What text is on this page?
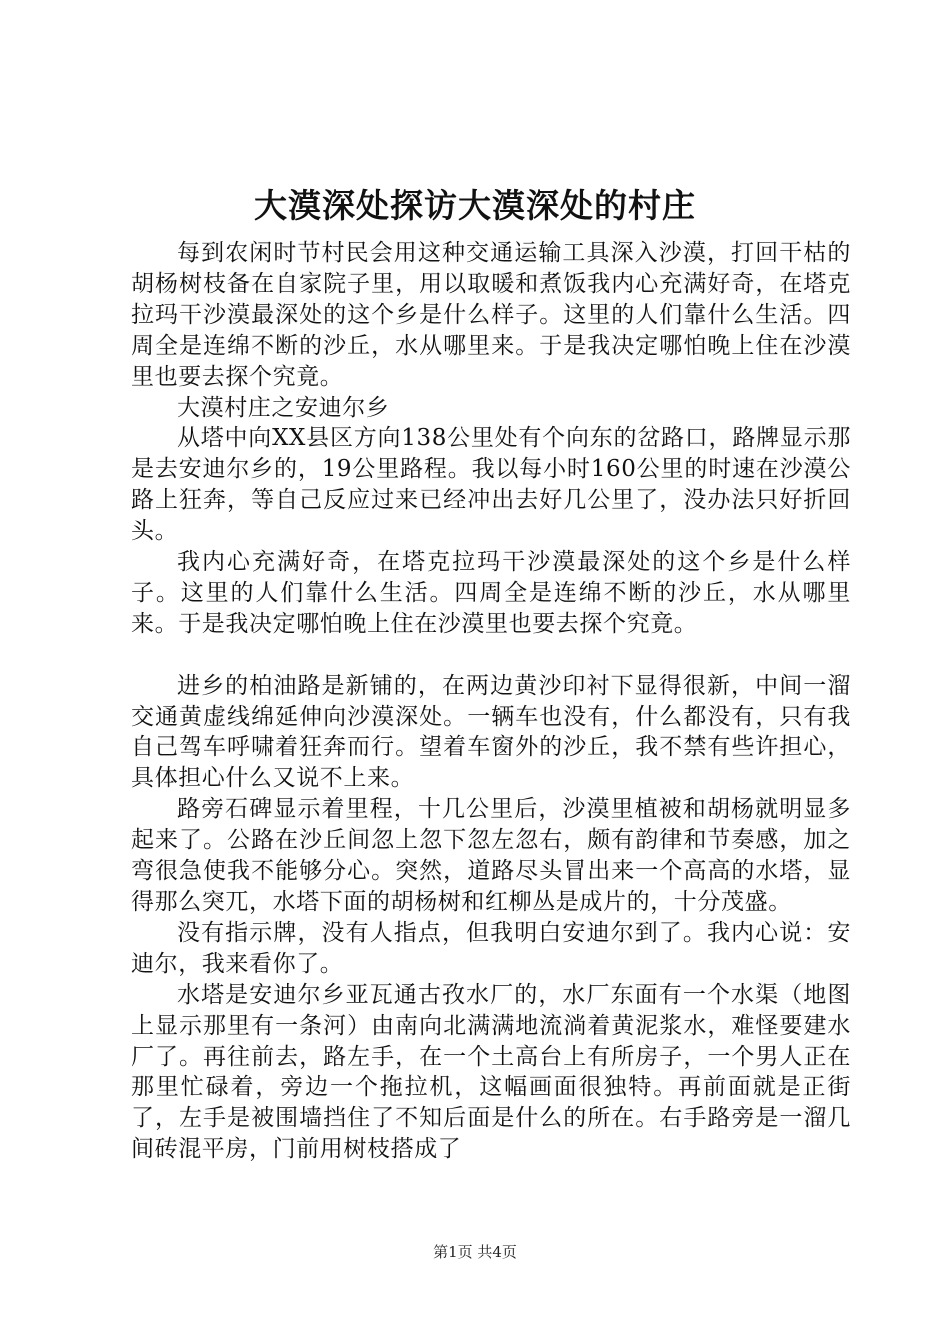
大漠深处探访大漠深处的村庄

每到农闲时节村民会用这种交通运输工具深入沙漠，打回干枯的胡杨树枝备在自家院子里，用以取暖和煮饭我内心充满好奇，在塔克拉玛干沙漠最深处的这个乡是什么样子。这里的人们靠什么生活。四周全是连绵不断的沙丘，水从哪里来。于是我决定哪怕晚上住在沙漠里也要去探个究竟。

大漠村庄之安迪尔乡

从塔中向XX县区方向138公里处有个向东的岔路口，路牌显示那是去安迪尔乡的，19公里路程。我以每小时160公里的时速在沙漠公路上狂奔，等自己反应过来已经冲出去好几公里了，没办法只好折回头。

我内心充满好奇，在塔克拉玛干沙漠最深处的这个乡是什么样子。这里的人们靠什么生活。四周全是连绵不断的沙丘，水从哪里来。于是我决定哪怕晚上住在沙漠里也要去探个究竟。

进乡的柏油路是新铺的，在两边黄沙印衬下显得很新，中间一溜交通黄虚线绵延伸向沙漠深处。一辆车也没有，什么都没有，只有我自己驾车呼啸着狂奔而行。望着车窗外的沙丘，我不禁有些许担心，具体担心什么又说不上来。

路旁石碑显示着里程，十几公里后，沙漠里植被和胡杨就明显多起来了。公路在沙丘间忽上忽下忽左忽右，颇有韵律和节奏感，加之弯很急使我不能够分心。突然，道路尽头冒出来一个高高的水塔，显得那么突兀，水塔下面的胡杨树和红柳丛是成片的，十分茂盛。

没有指示牌，没有人指点，但我明白安迪尔到了。我内心说：安迪尔，我来看你了。

水塔是安迪尔乡亚瓦通古孜水厂的，水厂东面有一个水渠（地图上显示那里有一条河）由南向北满满地流淌着黄泥浆水，难怪要建水厂了。再往前去，路左手，在一个土高台上有所房子，一个男人正在那里忙碌着，旁边一个拖拉机，这幅画面很独特。再前面就是正街了，左手是被围墙挡住了不知后面是什么的所在。右手路旁是一溜几间砖混平房，门前用树枝搭成了

第1页 共4页
